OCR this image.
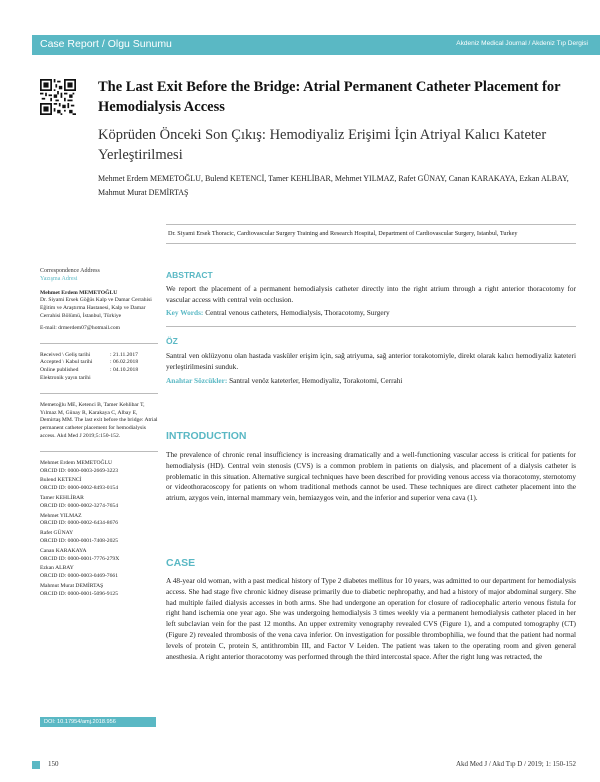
Case Report / Olgu Sunumu	Akdeniz Medical Journal / Akdeniz Tıp Dergisi
The Last Exit Before the Bridge: Atrial Permanent Catheter Placement for Hemodialysis Access
Köprüden Önceki Son Çıkış: Hemodiyaliz Erişimi İçin Atriyal Kalıcı Kateter Yerleştirilmesi
Mehmet Erdem MEMETOĞLU, Bulend KETENCİ, Tamer KEHLİBAR, Mehmet YILMAZ, Rafet GÜNAY, Canan KARAKAYA, Ezkan ALBAY, Mahmut Murat DEMİRTAŞ
Dr. Siyami Ersek Thoracic, Cardiovascular Surgery Training and Research Hospital, Department of Cardiovascular Surgery, Istanbul, Turkey
Correspondence Address
Yazışma Adresi
Mehmet Erdem MEMETOĞLU
Dr. Siyami Ersek Göğüs Kalp ve Damar Cerrahisi Eğitim ve Araştırma Hastanesi, Kalp ve Damar Cerrahisi Bölümü, İstanbul, Türkiye
E-mail: drmerdem07@hotmail.com
Received \ Geliş tarihi	: 21.11.2017
Accepted \ Kabul tarihi	: 06.02.2018
Online published	: 04.10.2018
Elektronik yayın tarihi
Memetoğlu ME, Ketenci B, Tamer Kehlibar T, Yılmaz M, Günay R, Karakaya C, Albay E, Demirtaş MM. The last exit before the bridge: Atrial permanent catheter placement for hemodialysis access. Akd Med J 2019;5:150-152.
Mehmet Erdem MEMETOĞLU
ORCID ID: 0000-0003-2669-3223
Bulend KETENCİ
ORCID ID: 0000-0002-8493-0154
Tamer KEHLİBAR
ORCID ID: 0000-0002-3274-7654
Mehmet YILMAZ
ORCID ID: 0000-0002-6434-8676
Rafet GÜNAY
ORCID ID: 0000-0001-7408-2025
Canan KARAKAYA
ORCID ID: 0000-0001-7776-279X
Ezkan ALBAY
ORCID ID: 0000-0003-0469-7661
Mahmut Murat DEMİRTAŞ
ORCID ID: 0000-0001-5096-9125
DOI: 10.17954/amj.2018.956
ABSTRACT
We report the placement of a permanent hemodialysis catheter directly into the right atrium through a right anterior thoracotomy for vascular access with central vein occlusion.
Key Words: Central venous catheters, Hemodialysis, Thoracotomy, Surgery
ÖZ
Santral ven oklüzyonu olan hastada vasküler erişim için, sağ atriyuma, sağ anterior torakotomiyle, direkt olarak kalıcı hemodiyaliz kateteri yerleştirilmesini sunduk.
Anahtar Sözcükler: Santral venöz kateterler, Hemodiyaliz, Torakotomi, Cerrahi
INTRODUCTION
The prevalence of chronic renal insufficiency is increasing dramatically and a well-functioning vascular access is critical for patients for hemodialysis (HD). Central vein stenosis (CVS) is a common problem in patients on dialysis, and placement of a dialysis catheter is problematic in this situation. Alternative surgical techniques have been described for providing venous access via thoracotomy, sternotomy or videothoracoscopy for patients on whom traditional methods cannot be used. These techniques are direct catheter placement into the atrium, azygos vein, internal mammary vein, hemiazygos vein, and the inferior and superior vena cava (1).
CASE
A 48-year old woman, with a past medical history of Type 2 diabetes mellitus for 10 years, was admitted to our department for hemodialysis access. She had stage five chronic kidney disease primarily due to diabetic nephropathy, and had a history of major abdominal surgery. She had multiple failed dialysis accesses in both arms. She had undergone an operation for closure of radiocephalic arterio venous fistula for right hand ischemia one year ago. She was undergoing hemodialysis 3 times weekly via a permanent hemodialysis catheter placed in her left subclavian vein for the past 12 months. An upper extremity venography revealed CVS (Figure 1), and a computed tomography (CT) (Figure 2) revealed thrombosis of the vena cava inferior. On investigation for possible thrombophilia, we found that the patient had normal levels of protein C, protein S, antithrombin III, and Factor V Leiden. The patient was taken to the operating room and given general anesthesia. A right anterior thoracotomy was performed through the third intercostal space. After the right lung was retracted, the
150	Akd Med J / Akd Tıp D / 2019; 1: 150-152
